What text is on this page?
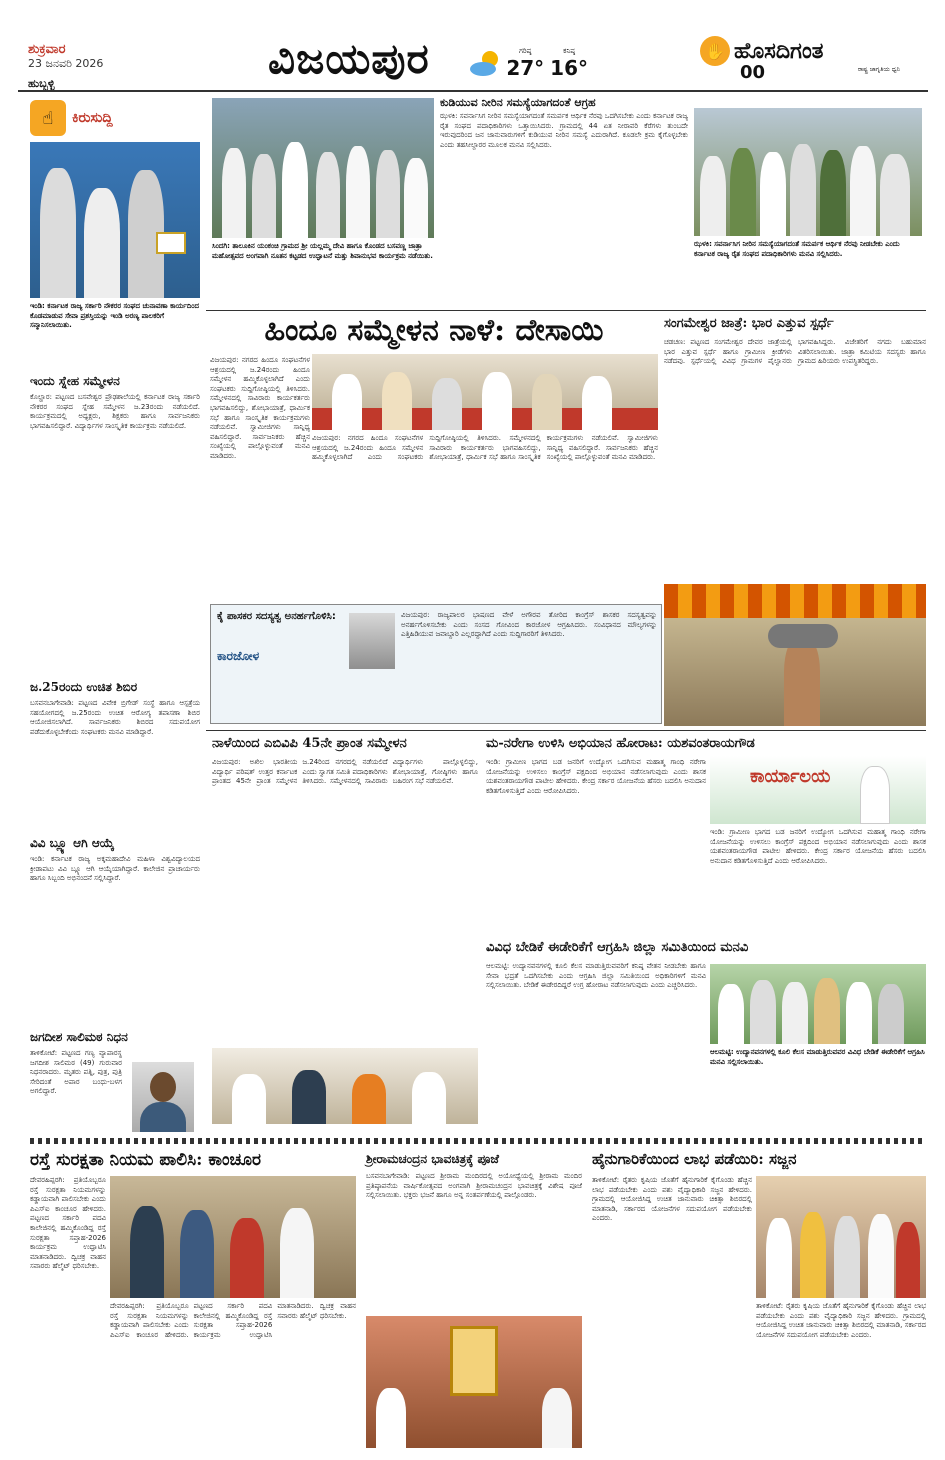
ಶುಕ್ರವಾರ
23 ಜನವರಿ 2026
ಹುಬ್ಬಳ್ಳಿ
ವಿಜಯಪುರ	ಗರಿಷ್ಠ
27°
ಕನಿಷ್ಠ
16°
✋ ಹೊಸದಿಗಂತ
ರಾಷ್ಟ್ರ ಜಾಗೃತಿಯ ಧ್ವನಿ
00
☝	ಕಿರುಸುದ್ದಿ
ಇಂಡಿ: ಕರ್ನಾಟಕ ರಾಜ್ಯ ಸರ್ಕಾರಿ ನೌಕರರ ಸಂಘದ ಚುನಾವಣಾ ಕಾರ್ಯದಿಂದ ಕೊಡಮಾಡುವ ಸೇವಾ ಪ್ರಶಸ್ತಿಯನ್ನು ಇಂಡಿ ಅರಣ್ಯ ಪಾಲಕರಿಗೆ ಸನ್ಮಾನಿಸಲಾಯಿತು.
ಇಂದು ಸ್ನೇಹ ಸಮ್ಮೇಳನ
ಕೊಲ್ಹಾರ: ಪಟ್ಟಣದ ಬಸವೇಶ್ವರ ಪ್ರೌಢಶಾಲೆಯಲ್ಲಿ ಕರ್ನಾಟಕ ರಾಜ್ಯ ಸರ್ಕಾರಿ ನೌಕರರ ಸಂಘದ ಸ್ನೇಹ ಸಮ್ಮೇಳನ ಜ.23ರಂದು ನಡೆಯಲಿದೆ. ಕಾರ್ಯಕ್ರಮದಲ್ಲಿ ಅಧ್ಯಕ್ಷರು, ಶಿಕ್ಷಕರು ಹಾಗೂ ಸಾರ್ವಜನಿಕರು ಭಾಗವಹಿಸಲಿದ್ದಾರೆ. ವಿದ್ಯಾರ್ಥಿಗಳ ಸಾಂಸ್ಕೃತಿಕ ಕಾರ್ಯಕ್ರಮ ನಡೆಯಲಿದೆ.
ಜ.25ರಂದು ಉಚಿತ ಶಿಬಿರ
ಬಸವನಬಾಗೇವಾಡಿ: ಪಟ್ಟಣದ ವಿವೇಕ ಬ್ರಿಗೇಡ್ ಸಂಸ್ಥೆ ಹಾಗೂ ಆಸ್ಪತ್ರೆಯ ಸಹಯೋಗದಲ್ಲಿ ಜ.25ರಂದು ಉಚಿತ ಆರೋಗ್ಯ ತಪಾಸಣಾ ಶಿಬಿರ ಆಯೋಜಿಸಲಾಗಿದೆ. ಸಾರ್ವಜನಿಕರು ಶಿಬಿರದ ಸದುಪಯೋಗ ಪಡೆದುಕೊಳ್ಳಬೇಕೆಂದು ಸಂಘಟಕರು ಮನವಿ ಮಾಡಿದ್ದಾರೆ.
ವಿವಿ ಬ್ಲ್ಯೂ ಆಗಿ ಆಯ್ಕೆ
ಇಂಡಿ: ಕರ್ನಾಟಕ ರಾಜ್ಯ ಅಕ್ಕಮಹಾದೇವಿ ಮಹಿಳಾ ವಿಶ್ವವಿದ್ಯಾಲಯದ ಕ್ರೀಡಾಪಟು ವಿವಿ ಬ್ಲ್ಯೂ ಆಗಿ ಆಯ್ಕೆಯಾಗಿದ್ದಾರೆ. ಕಾಲೇಜಿನ ಪ್ರಾಚಾರ್ಯರು ಹಾಗೂ ಸಿಬ್ಬಂದಿ ಅಭಿನಂದನೆ ಸಲ್ಲಿಸಿದ್ದಾರೆ.
ಜಗದೀಶ ಸಾಲಿಮಠ ನಿಧನ
ತಾಳಿಕೋಟೆ: ಪಟ್ಟಣದ ಗಣ್ಯ ವ್ಯಾಪಾರಸ್ಥ ಜಗದೀಶ ಸಾಲಿಮಠ (49) ಗುರುವಾರ ನಿಧನರಾದರು. ಮೃತರು ಪತ್ನಿ, ಪುತ್ರ, ಪುತ್ರಿ ಸೇರಿದಂತೆ ಅಪಾರ ಬಂಧು-ಬಳಗ ಅಗಲಿದ್ದಾರೆ.
ಸಿಂದಗಿ: ತಾಲೂಕಿನ ಯಂಕಂಚಿ ಗ್ರಾಮದ ಶ್ರೀ ಯಲ್ಲಮ್ಮ ದೇವಿ ಹಾಗೂ ಕೊಂಡದ ಬಸವಣ್ಣ ಜಾತ್ರಾ ಮಹೋತ್ಸವದ ಅಂಗವಾಗಿ ನೂತನ ಕಟ್ಟಡದ ಉದ್ಘಾಟನೆ ಮತ್ತು ಶಿವಾನುಭವ ಕಾರ್ಯಕ್ರಮ ನಡೆಯಿತು.
ಕುಡಿಯುವ ನೀರಿನ ಸಮಸ್ಯೆಯಾಗದಂತೆ ಆಗ್ರಹ
ಝಳಕಿ: ಸವರ್ನಾಸಿಗ ನೀರಿನ ಸಮಸ್ಯೆಯಾಗದಂತೆ ಸಮರ್ಪಕ ಆರ್ಥಿಕ ನೆರವು ಒದಗಿಸಬೇಕು ಎಂದು ಕರ್ನಾಟಕ ರಾಜ್ಯ ರೈತ ಸಂಘದ ಪದಾಧಿಕಾರಿಗಳು ಒತ್ತಾಯಿಸಿದರು. ಗ್ರಾಮದಲ್ಲಿ 44 ಏತ ನೀರಾವರಿ ಕೆರೆಗಳು ತುಂಬದೇ ಇರುವುದರಿಂದ ಜನ ಜಾನುವಾರುಗಳಿಗೆ ಕುಡಿಯುವ ನೀರಿನ ಸಮಸ್ಯೆ ಎದುರಾಗಿದೆ. ಕೂಡಲೇ ಕ್ರಮ ಕೈಗೊಳ್ಳಬೇಕು ಎಂದು ತಹಸೀಲ್ದಾರರ ಮೂಲಕ ಮನವಿ ಸಲ್ಲಿಸಿದರು.
ಝಳಕಿ: ಸವರ್ನಾಸಿಗ ನೀರಿನ ಸಮಸ್ಯೆಯಾಗದಂತೆ ಸಮರ್ಪಕ ಆರ್ಥಿಕ ನೆರವು ನೀಡಬೇಕು ಎಂದು ಕರ್ನಾಟಕ ರಾಜ್ಯ ರೈತ ಸಂಘದ ಪದಾಧಿಕಾರಿಗಳು ಮನವಿ ಸಲ್ಲಿಸಿದರು.
ಹಿಂದೂ ಸಮ್ಮೇಳನ ನಾಳೆ: ದೇಸಾಯಿ
ವಿಜಯಪುರ: ನಗರದ ಹಿಂದೂ ಸಂಘಟನೆಗಳ ಆಶ್ರಯದಲ್ಲಿ ಜ.24ರಂದು ಹಿಂದೂ ಸಮ್ಮೇಳನ ಹಮ್ಮಿಕೊಳ್ಳಲಾಗಿದೆ ಎಂದು ಸಂಘಟಕರು ಸುದ್ದಿಗೋಷ್ಠಿಯಲ್ಲಿ ತಿಳಿಸಿದರು. ಸಮ್ಮೇಳನದಲ್ಲಿ ಸಾವಿರಾರು ಕಾರ್ಯಕರ್ತರು ಭಾಗವಹಿಸಲಿದ್ದು, ಶೋಭಾಯಾತ್ರೆ, ಧಾರ್ಮಿಕ ಸಭೆ ಹಾಗೂ ಸಾಂಸ್ಕೃತಿಕ ಕಾರ್ಯಕ್ರಮಗಳು ನಡೆಯಲಿವೆ. ಸ್ವಾಮೀಜಿಗಳು ಸಾನ್ನಿಧ್ಯ ವಹಿಸಲಿದ್ದಾರೆ. ಸಾರ್ವಜನಿಕರು ಹೆಚ್ಚಿನ ಸಂಖ್ಯೆಯಲ್ಲಿ ಪಾಲ್ಗೊಳ್ಳುವಂತೆ ಮನವಿ ಮಾಡಿದರು.
ವಿಜಯಪುರ: ನಗರದ ಹಿಂದೂ ಸಂಘಟನೆಗಳ ಆಶ್ರಯದಲ್ಲಿ ಜ.24ರಂದು ಹಿಂದೂ ಸಮ್ಮೇಳನ ಹಮ್ಮಿಕೊಳ್ಳಲಾಗಿದೆ ಎಂದು ಸಂಘಟಕರು ಸುದ್ದಿಗೋಷ್ಠಿಯಲ್ಲಿ ತಿಳಿಸಿದರು. ಸಮ್ಮೇಳನದಲ್ಲಿ ಸಾವಿರಾರು ಕಾರ್ಯಕರ್ತರು ಭಾಗವಹಿಸಲಿದ್ದು, ಶೋಭಾಯಾತ್ರೆ, ಧಾರ್ಮಿಕ ಸಭೆ ಹಾಗೂ ಸಾಂಸ್ಕೃತಿಕ ಕಾರ್ಯಕ್ರಮಗಳು ನಡೆಯಲಿವೆ. ಸ್ವಾಮೀಜಿಗಳು ಸಾನ್ನಿಧ್ಯ ವಹಿಸಲಿದ್ದಾರೆ. ಸಾರ್ವಜನಿಕರು ಹೆಚ್ಚಿನ ಸಂಖ್ಯೆಯಲ್ಲಿ ಪಾಲ್ಗೊಳ್ಳುವಂತೆ ಮನವಿ ಮಾಡಿದರು.
ಸಂಗಮೇಶ್ವರ ಜಾತ್ರೆ: ಭಾರ ಎತ್ತುವ ಸ್ಪರ್ಧೆ
ಚಡಚಣ: ಪಟ್ಟಣದ ಸಂಗಮೇಶ್ವರ ದೇವರ ಜಾತ್ರೆಯಲ್ಲಿ ಭಾರ ಎತ್ತುವ ಸ್ಪರ್ಧೆ ಹಾಗೂ ಗ್ರಾಮೀಣ ಕ್ರೀಡೆಗಳು ನಡೆದವು. ಸ್ಪರ್ಧೆಯಲ್ಲಿ ವಿವಿಧ ಗ್ರಾಮಗಳ ಪೈಲ್ವಾನರು ಭಾಗವಹಿಸಿದ್ದರು. ವಿಜೇತರಿಗೆ ನಗದು ಬಹುಮಾನ ವಿತರಿಸಲಾಯಿತು. ಜಾತ್ರಾ ಕಮಿಟಿಯ ಸದಸ್ಯರು ಹಾಗೂ ಗ್ರಾಮದ ಹಿರಿಯರು ಉಪಸ್ಥಿತರಿದ್ದರು.
ಕೈ ಪಾಸಕರ ಸದಸ್ಯತ್ವ ಅನರ್ಹಗೊಳಿಸಿ:
ಕಾರಜೋಳ
ವಿಜಯಪುರ: ರಾಜ್ಯಪಾಲರ ಭಾಷಣದ ವೇಳೆ ಅಗೌರವ ತೋರಿದ ಕಾಂಗ್ರೆಸ್ ಶಾಸಕರ ಸದಸ್ಯತ್ವವನ್ನು ಅನರ್ಹಗೊಳಿಸಬೇಕು ಎಂದು ಸಂಸದ ಗೋವಿಂದ ಕಾರಜೋಳ ಆಗ್ರಹಿಸಿದರು. ಸಂವಿಧಾನದ ಮೌಲ್ಯಗಳನ್ನು ಎತ್ತಿಹಿಡಿಯುವ ಜವಾಬ್ದಾರಿ ಎಲ್ಲರದ್ದಾಗಿದೆ ಎಂದು ಸುದ್ದಿಗಾರರಿಗೆ ತಿಳಿಸಿದರು.
ನಾಳೆಯಿಂದ ಎಬಿವಿಪಿ 45ನೇ ಪ್ರಾಂತ ಸಮ್ಮೇಳನ
ವಿಜಯಪುರ: ಅಖಿಲ ಭಾರತೀಯ ವಿದ್ಯಾರ್ಥಿ ಪರಿಷತ್ ಉತ್ತರ ಕರ್ನಾಟಕ ಪ್ರಾಂತದ 45ನೇ ಪ್ರಾಂತ ಸಮ್ಮೇಳನ ಜ.24ರಿಂದ ನಗರದಲ್ಲಿ ನಡೆಯಲಿದೆ ಎಂದು ಸ್ವಾಗತ ಸಮಿತಿ ಪದಾಧಿಕಾರಿಗಳು ತಿಳಿಸಿದರು. ಸಮ್ಮೇಳನದಲ್ಲಿ ಸಾವಿರಾರು ವಿದ್ಯಾರ್ಥಿಗಳು ಪಾಲ್ಗೊಳ್ಳಲಿದ್ದು, ಶೋಭಾಯಾತ್ರೆ, ಗೋಷ್ಠಿಗಳು ಹಾಗೂ ಬಹಿರಂಗ ಸಭೆ ನಡೆಯಲಿವೆ.
ಮ-ನರೇಗಾ ಉಳಿಸಿ ಅಭಿಯಾನ ಹೋರಾಟ: ಯಶವಂತರಾಯಗೌಡ
ಇಂಡಿ: ಗ್ರಾಮೀಣ ಭಾಗದ ಬಡ ಜನರಿಗೆ ಉದ್ಯೋಗ ಒದಗಿಸುವ ಮಹಾತ್ಮ ಗಾಂಧಿ ನರೇಗಾ ಯೋಜನೆಯನ್ನು ಉಳಿಸಲು ಕಾಂಗ್ರೆಸ್ ಪಕ್ಷದಿಂದ ಅಭಿಯಾನ ನಡೆಸಲಾಗುವುದು ಎಂದು ಶಾಸಕ ಯಶವಂತರಾಯಗೌಡ ಪಾಟೀಲ ಹೇಳಿದರು. ಕೇಂದ್ರ ಸರ್ಕಾರ ಯೋಜನೆಯ ಹೆಸರು ಬದಲಿಸಿ ಅನುದಾನ ಕಡಿತಗೊಳಿಸುತ್ತಿದೆ ಎಂದು ಆರೋಪಿಸಿದರು.
ಕಾರ್ಯಾಲಯ
ಇಂಡಿ: ಗ್ರಾಮೀಣ ಭಾಗದ ಬಡ ಜನರಿಗೆ ಉದ್ಯೋಗ ಒದಗಿಸುವ ಮಹಾತ್ಮ ಗಾಂಧಿ ನರೇಗಾ ಯೋಜನೆಯನ್ನು ಉಳಿಸಲು ಕಾಂಗ್ರೆಸ್ ಪಕ್ಷದಿಂದ ಅಭಿಯಾನ ನಡೆಸಲಾಗುವುದು ಎಂದು ಶಾಸಕ ಯಶವಂತರಾಯಗೌಡ ಪಾಟೀಲ ಹೇಳಿದರು. ಕೇಂದ್ರ ಸರ್ಕಾರ ಯೋಜನೆಯ ಹೆಸರು ಬದಲಿಸಿ ಅನುದಾನ ಕಡಿತಗೊಳಿಸುತ್ತಿದೆ ಎಂದು ಆರೋಪಿಸಿದರು.
ವಿವಿಧ ಬೇಡಿಕೆ ಈಡೇರಿಕೆಗೆ ಆಗ್ರಹಿಸಿ ಜಿಲ್ಲಾ ಸಮಿತಿಯಿಂದ ಮನವಿ
ಆಲಮಟ್ಟಿ: ಉದ್ಯಾನವನಗಳಲ್ಲಿ ಕೂಲಿ ಕೆಲಸ ಮಾಡುತ್ತಿರುವವರಿಗೆ ಕನಿಷ್ಠ ವೇತನ ನೀಡಬೇಕು ಹಾಗೂ ಸೇವಾ ಭದ್ರತೆ ಒದಗಿಸಬೇಕು ಎಂದು ಆಗ್ರಹಿಸಿ ಜಿಲ್ಲಾ ಸಮಿತಿಯಿಂದ ಅಧಿಕಾರಿಗಳಿಗೆ ಮನವಿ ಸಲ್ಲಿಸಲಾಯಿತು. ಬೇಡಿಕೆ ಈಡೇರದಿದ್ದರೆ ಉಗ್ರ ಹೋರಾಟ ನಡೆಸಲಾಗುವುದು ಎಂದು ಎಚ್ಚರಿಸಿದರು.
ಆಲಮಟ್ಟಿ: ಉದ್ಯಾನವನಗಳಲ್ಲಿ ಕೂಲಿ ಕೆಲಸ ಮಾಡುತ್ತಿರುವವರ ವಿವಿಧ ಬೇಡಿಕೆ ಈಡೇರಿಕೆಗೆ ಆಗ್ರಹಿಸಿ ಮನವಿ ಸಲ್ಲಿಸಲಾಯಿತು.
ರಸ್ತೆ ಸುರಕ್ಷತಾ ನಿಯಮ ಪಾಲಿಸಿ: ಕಾಂಚೂರ
ದೇವರಹಿಪ್ಪರಗಿ: ಪ್ರತಿಯೊಬ್ಬರೂ ರಸ್ತೆ ಸುರಕ್ಷತಾ ನಿಯಮಗಳನ್ನು ಕಡ್ಡಾಯವಾಗಿ ಪಾಲಿಸಬೇಕು ಎಂದು ಪಿಎಸ್‌ಐ ಕಾಂಚೂರ ಹೇಳಿದರು. ಪಟ್ಟಣದ ಸರ್ಕಾರಿ ಪದವಿ ಕಾಲೇಜಿನಲ್ಲಿ ಹಮ್ಮಿಕೊಂಡಿದ್ದ ರಸ್ತೆ ಸುರಕ್ಷತಾ ಸಪ್ತಾಹ-2026 ಕಾರ್ಯಕ್ರಮ ಉದ್ಘಾಟಿಸಿ ಮಾತನಾಡಿದರು. ದ್ವಿಚಕ್ರ ವಾಹನ ಸವಾರರು ಹೆಲ್ಮೆಟ್ ಧರಿಸಬೇಕು.
ದೇವರಹಿಪ್ಪರಗಿ: ಪ್ರತಿಯೊಬ್ಬರೂ ರಸ್ತೆ ಸುರಕ್ಷತಾ ನಿಯಮಗಳನ್ನು ಕಡ್ಡಾಯವಾಗಿ ಪಾಲಿಸಬೇಕು ಎಂದು ಪಿಎಸ್‌ಐ ಕಾಂಚೂರ ಹೇಳಿದರು. ಪಟ್ಟಣದ ಸರ್ಕಾರಿ ಪದವಿ ಕಾಲೇಜಿನಲ್ಲಿ ಹಮ್ಮಿಕೊಂಡಿದ್ದ ರಸ್ತೆ ಸುರಕ್ಷತಾ ಸಪ್ತಾಹ-2026 ಕಾರ್ಯಕ್ರಮ ಉದ್ಘಾಟಿಸಿ ಮಾತನಾಡಿದರು. ದ್ವಿಚಕ್ರ ವಾಹನ ಸವಾರರು ಹೆಲ್ಮೆಟ್ ಧರಿಸಬೇಕು.
ಶ್ರೀರಾಮಚಂದ್ರನ ಭಾವಚಿತ್ರಕ್ಕೆ ಪೂಜೆ
ಬಸವನಬಾಗೇವಾಡಿ: ಪಟ್ಟಣದ ಶ್ರೀರಾಮ ಮಂದಿರದಲ್ಲಿ ಅಯೋಧ್ಯೆಯಲ್ಲಿ ಶ್ರೀರಾಮ ಮಂದಿರ ಪ್ರತಿಷ್ಠಾಪನೆಯ ವಾರ್ಷಿಕೋತ್ಸವದ ಅಂಗವಾಗಿ ಶ್ರೀರಾಮಚಂದ್ರನ ಭಾವಚಿತ್ರಕ್ಕೆ ವಿಶೇಷ ಪೂಜೆ ಸಲ್ಲಿಸಲಾಯಿತು. ಭಕ್ತರು ಭಜನೆ ಹಾಗೂ ಅನ್ನ ಸಂತರ್ಪಣೆಯಲ್ಲಿ ಪಾಲ್ಗೊಂಡರು.
ಹೈನುಗಾರಿಕೆಯಿಂದ ಲಾಭ ಪಡೆಯಿರಿ: ಸಜ್ಜನ
ತಾಳಿಕೋಟೆ: ರೈತರು ಕೃಷಿಯ ಜೊತೆಗೆ ಹೈನುಗಾರಿಕೆ ಕೈಗೊಂಡು ಹೆಚ್ಚಿನ ಲಾಭ ಪಡೆಯಬೇಕು ಎಂದು ಪಶು ವೈದ್ಯಾಧಿಕಾರಿ ಸಜ್ಜನ ಹೇಳಿದರು. ಗ್ರಾಮದಲ್ಲಿ ಆಯೋಜಿಸಿದ್ದ ಉಚಿತ ಜಾನುವಾರು ಚಿಕಿತ್ಸಾ ಶಿಬಿರದಲ್ಲಿ ಮಾತನಾಡಿ, ಸರ್ಕಾರದ ಯೋಜನೆಗಳ ಸದುಪಯೋಗ ಪಡೆಯಬೇಕು ಎಂದರು.
ತಾಳಿಕೋಟೆ: ರೈತರು ಕೃಷಿಯ ಜೊತೆಗೆ ಹೈನುಗಾರಿಕೆ ಕೈಗೊಂಡು ಹೆಚ್ಚಿನ ಲಾಭ ಪಡೆಯಬೇಕು ಎಂದು ಪಶು ವೈದ್ಯಾಧಿಕಾರಿ ಸಜ್ಜನ ಹೇಳಿದರು. ಗ್ರಾಮದಲ್ಲಿ ಆಯೋಜಿಸಿದ್ದ ಉಚಿತ ಜಾನುವಾರು ಚಿಕಿತ್ಸಾ ಶಿಬಿರದಲ್ಲಿ ಮಾತನಾಡಿ, ಸರ್ಕಾರದ ಯೋಜನೆಗಳ ಸದುಪಯೋಗ ಪಡೆಯಬೇಕು ಎಂದರು.
